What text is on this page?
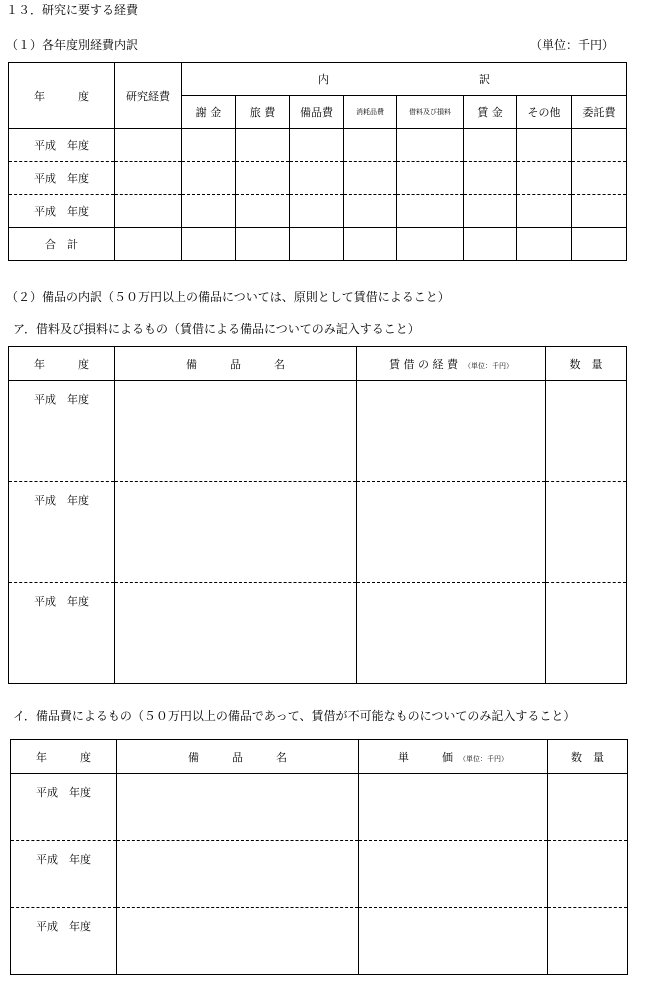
１３．研究に要する経費
（１）各年度別経費内訳	（単位：千円）
年　　　度	研究経費	内 訳							
		謝 金	旅 費	備品費	消耗品費	借料及び損料	賃 金	その他	委託費
平成　年度									
平成　年度									
平成　年度									
合　計									
（２）備品の内訳（５０万円以上の備品については、原則として賃借によること）
ア．借料及び損料によるもの（賃借による備品についてのみ記入すること）
年　　　度	備　　　品　　　名	賃 借 の 経 費 （単位：千円）	数　量
平成　年度			
平成　年度			
平成　年度			
イ．備品費によるもの（５０万円以上の備品であって、賃借が不可能なものについてのみ記入すること）
年　　　度	備　　　品　　　名	単　　　価 （単位：千円）	数　量
平成　年度			
平成　年度			
平成　年度			
